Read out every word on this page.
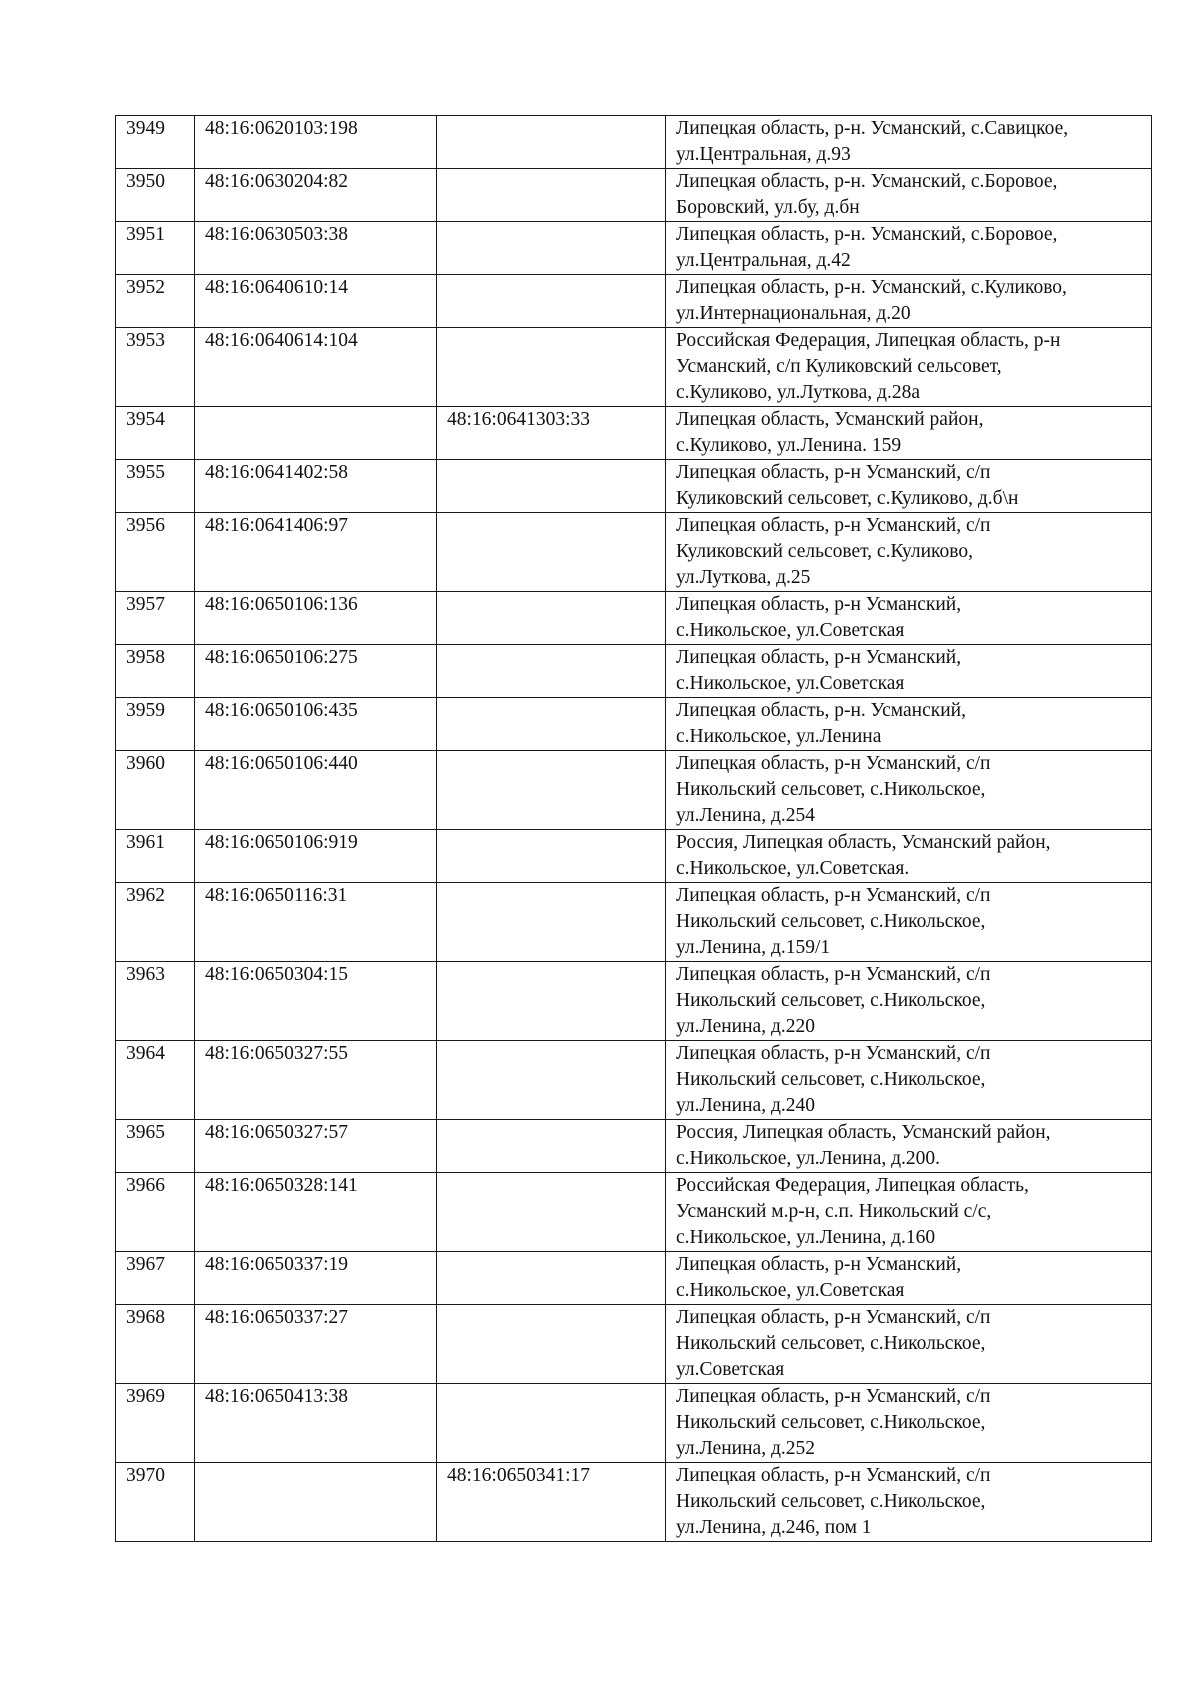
3949	48:16:0620103:198		Липецкая область, р-н. Усманский, с.Савицкое,
ул.Центральная, д.93
3950	48:16:0630204:82		Липецкая область, р-н. Усманский, с.Боровое,
Боровский, ул.бу, д.бн
3951	48:16:0630503:38		Липецкая область, р-н. Усманский, с.Боровое,
ул.Центральная, д.42
3952	48:16:0640610:14		Липецкая область, р-н. Усманский, с.Куликово,
ул.Интернациональная, д.20
3953	48:16:0640614:104		Российская Федерация, Липецкая область, р-н
Усманский, с/п Куликовский сельсовет,
с.Куликово, ул.Луткова, д.28а
3954		48:16:0641303:33	Липецкая область, Усманский район,
с.Куликово, ул.Ленина. 159
3955	48:16:0641402:58		Липецкая область, р-н Усманский, с/п
Куликовский сельсовет, с.Куликово, д.б\н
3956	48:16:0641406:97		Липецкая область, р-н Усманский, с/п
Куликовский сельсовет, с.Куликово,
ул.Луткова, д.25
3957	48:16:0650106:136		Липецкая область, р-н Усманский,
с.Никольское, ул.Советская
3958	48:16:0650106:275		Липецкая область, р-н Усманский,
с.Никольское, ул.Советская
3959	48:16:0650106:435		Липецкая область, р-н. Усманский,
с.Никольское, ул.Ленина
3960	48:16:0650106:440		Липецкая область, р-н Усманский, с/п
Никольский сельсовет, с.Никольское,
ул.Ленина, д.254
3961	48:16:0650106:919		Россия, Липецкая область, Усманский район,
с.Никольское, ул.Советская.
3962	48:16:0650116:31		Липецкая область, р-н Усманский, с/п
Никольский сельсовет, с.Никольское,
ул.Ленина, д.159/1
3963	48:16:0650304:15		Липецкая область, р-н Усманский, с/п
Никольский сельсовет, с.Никольское,
ул.Ленина, д.220
3964	48:16:0650327:55		Липецкая область, р-н Усманский, с/п
Никольский сельсовет, с.Никольское,
ул.Ленина, д.240
3965	48:16:0650327:57		Россия, Липецкая область, Усманский район,
с.Никольское, ул.Ленина, д.200.
3966	48:16:0650328:141		Российская Федерация, Липецкая область,
Усманский м.р-н, с.п. Никольский с/с,
с.Никольское, ул.Ленина, д.160
3967	48:16:0650337:19		Липецкая область, р-н Усманский,
с.Никольское, ул.Советская
3968	48:16:0650337:27		Липецкая область, р-н Усманский, с/п
Никольский сельсовет, с.Никольское,
ул.Советская
3969	48:16:0650413:38		Липецкая область, р-н Усманский, с/п
Никольский сельсовет, с.Никольское,
ул.Ленина, д.252
3970		48:16:0650341:17	Липецкая область, р-н Усманский, с/п
Никольский сельсовет, с.Никольское,
ул.Ленина, д.246, пом 1
